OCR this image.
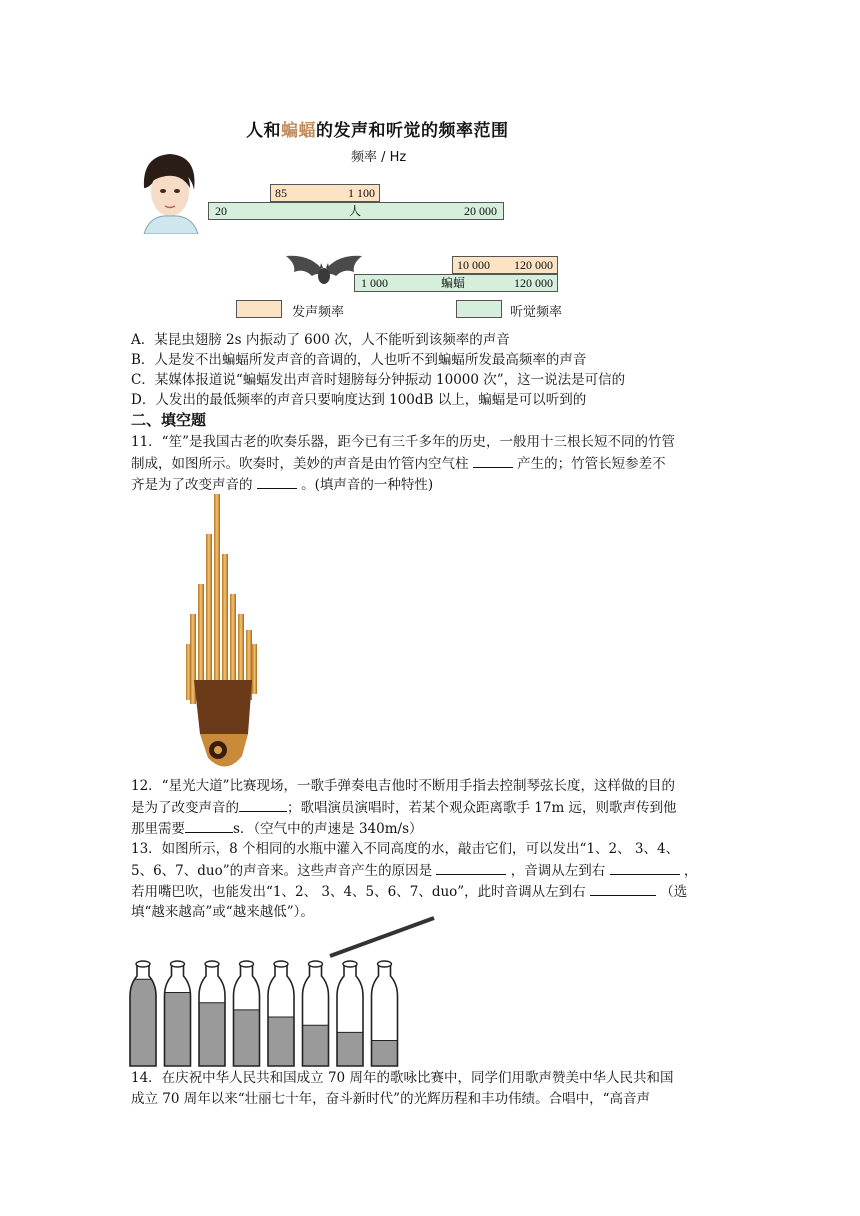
人和蝙蝠的发声和听觉的频率范围
频率 / Hz
85	1 100
20	人	20 000
10 000 120 000
1 000	蝙蝠	120 000
发声频率	听觉频率
A．某昆虫翅膀 2s 内振动了 600 次，人不能听到该频率的声音
B．人是发不出蝙蝠所发声音的音调的，人也听不到蝙蝠所发最高频率的声音
C．某媒体报道说“蝙蝠发出声音时翅膀每分钟振动 10000 次”，这一说法是可信的
D．人发出的最低频率的声音只要响度达到 100dB 以上，蝙蝠是可以听到的
二、填空题
11．“笙”是我国古老的吹奏乐器，距今已有三千多年的历史，一般用十三根长短不同的竹管
制成，如图所示。吹奏时，美妙的声音是由竹管内空气柱	产生的；竹管长短参差不
齐是为了改变声音的	。(填声音的一种特性)
12．“星光大道”比赛现场，一歌手弹奏电吉他时不断用手指去控制琴弦长度，这样做的目的
是为了改变声音的	；歌唱演员演唱时，若某个观众距离歌手 17m 远，则歌声传到他
那里需要	s．（空气中的声速是 340m/s）
13．如图所示，8 个相同的水瓶中灌入不同高度的水，敲击它们，可以发出“1、2、 3、4、
5、6、7、duo”的声音来。这些声音产生的原因是	，音调从左到右	，
若用嘴巴吹，也能发出“1、2、 3、4、5、6、7、duo”，此时音调从左到右	（选
填“越来越高”或“越来越低”）。
14．在庆祝中华人民共和国成立 70 周年的歌咏比赛中，同学们用歌声赞美中华人民共和国
成立 70 周年以来“壮丽七十年，奋斗新时代”的光辉历程和丰功伟绩。合唱中，“高音声
